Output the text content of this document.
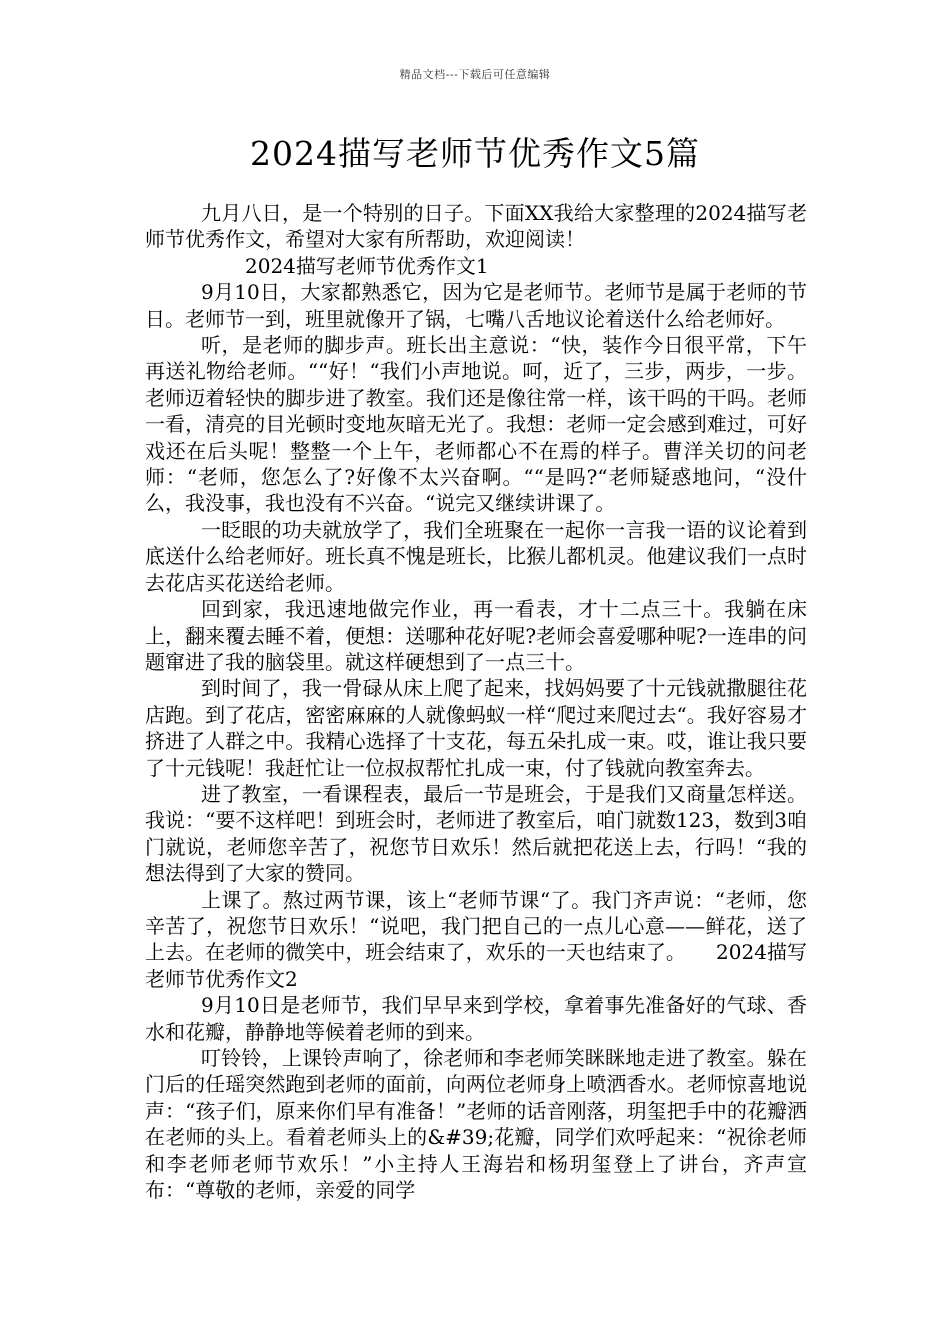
精品文档---下载后可任意编辑
2024描写老师节优秀作文5篇

九月八日，是一个特别的日子。下面XX我给大家整理的2024描写老师节优秀作文，希望对大家有所帮助，欢迎阅读！

2024描写老师节优秀作文1

9月10日，大家都熟悉它，因为它是老师节。老师节是属于老师的节日。老师节一到，班里就像开了锅，七嘴八舌地议论着送什么给老师好。

听，是老师的脚步声。班长出主意说：“快，装作今日很平常，下午再送礼物给老师。““好！“我们小声地说。呵，近了，三步，两步，一步。老师迈着轻快的脚步进了教室。我们还是像往常一样，该干吗的干吗。老师一看，清亮的目光顿时变地灰暗无光了。我想：老师一定会感到难过，可好戏还在后头呢！整整一个上午，老师都心不在焉的样子。曹洋关切的问老师：“老师，您怎么了?好像不太兴奋啊。““是吗?“老师疑惑地问，“没什么，我没事，我也没有不兴奋。“说完又继续讲课了。

一眨眼的功夫就放学了，我们全班聚在一起你一言我一语的议论着到底送什么给老师好。班长真不愧是班长，比猴儿都机灵。他建议我们一点时去花店买花送给老师。

回到家，我迅速地做完作业，再一看表，才十二点三十。我躺在床上，翻来覆去睡不着，便想：送哪种花好呢?老师会喜爱哪种呢?一连串的问题窜进了我的脑袋里。就这样硬想到了一点三十。

到时间了，我一骨碌从床上爬了起来，找妈妈要了十元钱就撒腿往花店跑。到了花店，密密麻麻的人就像蚂蚁一样“爬过来爬过去“。我好容易才挤进了人群之中。我精心选择了十支花，每五朵扎成一束。哎，谁让我只要了十元钱呢！我赶忙让一位叔叔帮忙扎成一束，付了钱就向教室奔去。

进了教室，一看课程表，最后一节是班会，于是我们又商量怎样送。我说：“要不这样吧！到班会时，老师进了教室后，咱门就数123，数到3咱门就说，老师您辛苦了，祝您节日欢乐！然后就把花送上去，行吗！“我的想法得到了大家的赞同。

上课了。熬过两节课，该上“老师节课“了。我门齐声说：“老师，您辛苦了，祝您节日欢乐！“说吧，我门把自己的一点儿心意——鲜花，送了上去。在老师的微笑中，班会结束了，欢乐的一天也结束了。　　2024描写老师节优秀作文2

9月10日是老师节，我们早早来到学校，拿着事先准备好的气球、香水和花瓣，静静地等候着老师的到来。

叮铃铃，上课铃声响了，徐老师和李老师笑眯眯地走进了教室。躲在门后的任瑶突然跑到老师的面前，向两位老师身上喷洒香水。老师惊喜地说声：“孩子们，原来你们早有准备！”老师的话音刚落，玥玺把手中的花瓣洒在老师的头上。看着老师头上的&#39;花瓣，同学们欢呼起来：“祝徐老师和李老师老师节欢乐！”小主持人王海岩和杨玥玺登上了讲台，齐声宣布：“尊敬的老师，亲爱的同学
